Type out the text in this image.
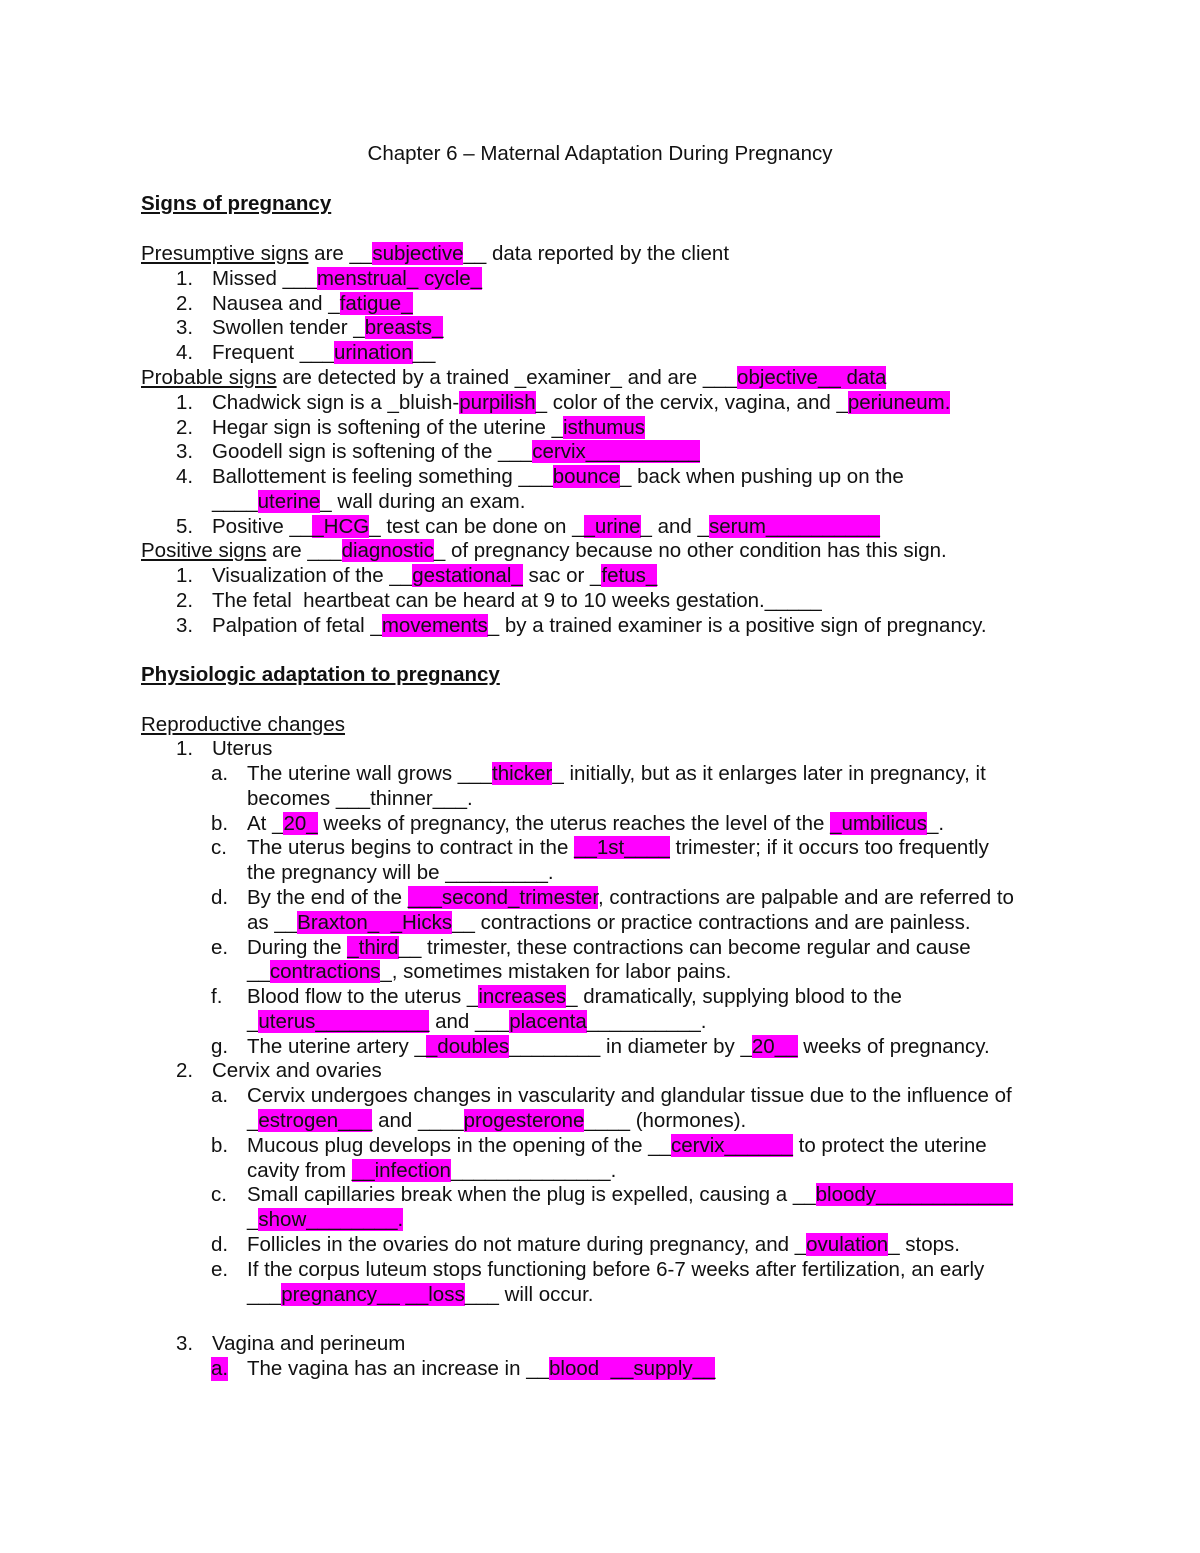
Chapter 6 – Maternal Adaptation During Pregnancy
Signs of pregnancy
Presumptive signs are __subjective__ data reported by the client
1. Missed ___menstrual_ cycle_
2. Nausea and _fatigue_
3. Swollen tender _breasts_
4. Frequent ___urination__
Probable signs are detected by a trained _examiner_ and are ___objective__ data
1. Chadwick sign is a _bluish-purpilish_ color of the cervix, vagina, and _periuneum.
2. Hegar sign is softening of the uterine _isthumus
3. Goodell sign is softening of the ___cervix__________
4. Ballottement is feeling something ___bounce_ back when pushing up on the
____uterine_ wall during an exam.
5. Positive ___HCG_ test can be done on __urine_ and _serum__________
Positive signs are ___diagnostic_ of pregnancy because no other condition has this sign.
1. Visualization of the __gestational_ sac or _fetus_
2. The fetal  heartbeat can be heard at 9 to 10 weeks gestation._____
3. Palpation of fetal _movements_ by a trained examiner is a positive sign of pregnancy.
Physiologic adaptation to pregnancy
Reproductive changes
1. Uterus
a. The uterine wall grows ___thicker_ initially, but as it enlarges later in pregnancy, it
becomes ___thinner___.
b. At _20_ weeks of pregnancy, the uterus reaches the level of the _umbilicus_.
c. The uterus begins to contract in the __1st____ trimester; if it occurs too frequently
the pregnancy will be _________.
d. By the end of the ___second_trimester, contractions are palpable and are referred to
as __Braxton_  _Hicks__ contractions or practice contractions and are painless.
e. During the _third__ trimester, these contractions can become regular and cause
__contractions_, sometimes mistaken for labor pains.
f. Blood flow to the uterus _increases_ dramatically, supplying blood to the
_uterus__________ and ___placenta__________.
g. The uterine artery __doubles________ in diameter by _20__ weeks of pregnancy.
2. Cervix and ovaries
a. Cervix undergoes changes in vascularity and glandular tissue due to the influence of
_estrogen___ and ____progesterone____ (hormones).
b. Mucous plug develops in the opening of the __cervix______ to protect the uterine
cavity from __infection______________.
c. Small capillaries break when the plug is expelled, causing a __bloody____________
_show________.
d. Follicles in the ovaries do not mature during pregnancy, and _ovulation_ stops.
e. If the corpus luteum stops functioning before 6-7 weeks after fertilization, an early
___pregnancy__ __loss___ will occur.
3. Vagina and perineum
a. The vagina has an increase in __blood  __supply__
